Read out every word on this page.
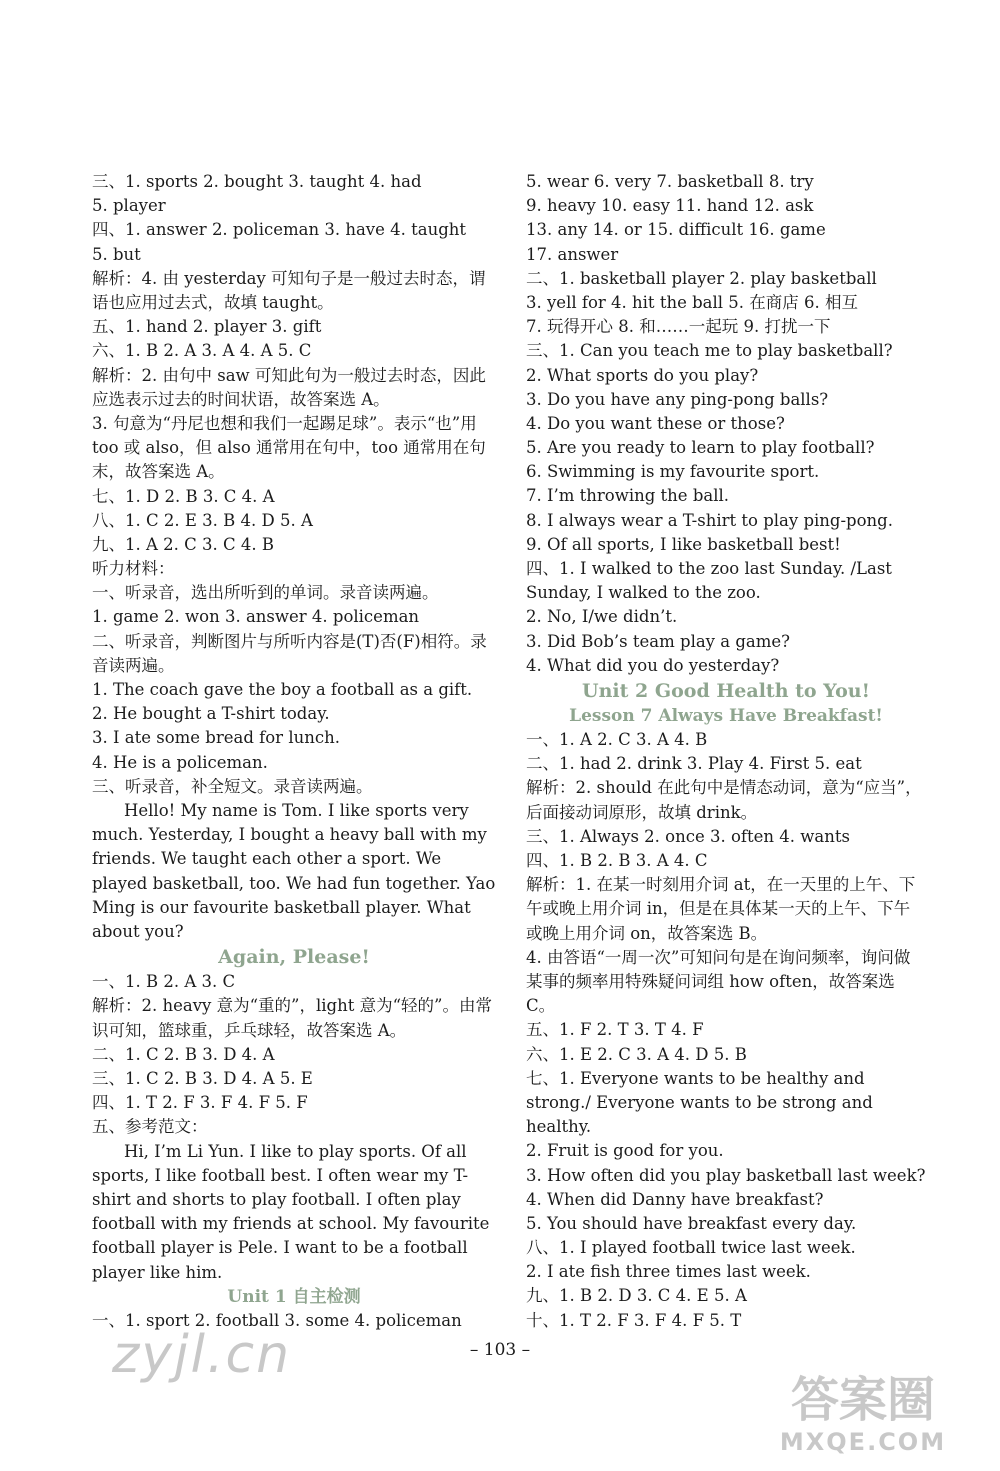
三、1. sports 2. bought 3. taught 4. had
5. player
四、1. answer 2. policeman 3. have 4. taught
5. but
解析：4. 由 yesterday 可知句子是一般过去时态，谓语也应用过去式，故填 taught。
五、1. hand 2. player 3. gift
六、1. B 2. A 3. A 4. A 5. C
解析：2. 由句中 saw 可知此句为一般过去时态，因此应选表示过去的时间状语，故答案选 A。
3. 句意为“丹尼也想和我们一起踢足球”。表示“也”用 too 或 also，但 also 通常用在句中，too 通常用在句末，故答案选 A。
七、1. D 2. B 3. C 4. A
八、1. C 2. E 3. B 4. D 5. A
九、1. A 2. C 3. C 4. B
听力材料：
一、听录音，选出所听到的单词。录音读两遍。
1. game 2. won 3. answer 4. policeman
二、听录音，判断图片与所听内容是(T)否(F)相符。录音读两遍。
1. The coach gave the boy a football as a gift.
2. He bought a T-shirt today.
3. I ate some bread for lunch.
4. He is a policeman.
三、听录音，补全短文。录音读两遍。
Hello! My name is Tom. I like sports very much. Yesterday, I bought a heavy ball with my friends. We taught each other a sport. We played basketball, too. We had fun together. Yao Ming is our favourite basketball player. What about you?
Again, Please!
一、1. B 2. A 3. C
解析：2. heavy 意为“重的”，light 意为“轻的”。由常识可知，篮球重，乒乓球轻，故答案选 A。
二、1. C 2. B 3. D 4. A
三、1. C 2. B 3. D 4. A 5. E
四、1. T 2. F 3. F 4. F 5. F
五、参考范文：
Hi, I’m Li Yun. I like to play sports. Of all sports, I like football best. I often wear my T-shirt and shorts to play football. I often play football with my friends at school. My favourite football player is Pele. I want to be a football player like him.
Unit 1 自主检测
一、1. sport 2. football 3. some 4. policeman
5. wear 6. very 7. basketball 8. try
9. heavy 10. easy 11. hand 12. ask
13. any 14. or 15. difficult 16. game
17. answer
二、1. basketball player 2. play basketball
3. yell for 4. hit the ball 5. 在商店 6. 相互
7. 玩得开心 8. 和……一起玩 9. 打扰一下
三、1. Can you teach me to play basketball?
2. What sports do you play?
3. Do you have any ping-pong balls?
4. Do you want these or those?
5. Are you ready to learn to play football?
6. Swimming is my favourite sport.
7. I’m throwing the ball.
8. I always wear a T-shirt to play ping-pong.
9. Of all sports, I like basketball best!
四、1. I walked to the zoo last Sunday. /Last Sunday, I walked to the zoo.
2. No, I/we didn’t.
3. Did Bob’s team play a game?
4. What did you do yesterday?
Unit 2 Good Health to You!
Lesson 7 Always Have Breakfast!
一、1. A 2. C 3. A 4. B
二、1. had 2. drink 3. Play 4. First 5. eat
解析：2. should 在此句中是情态动词，意为“应当”，后面接动词原形，故填 drink。
三、1. Always 2. once 3. often 4. wants
四、1. B 2. B 3. A 4. C
解析：1. 在某一时刻用介词 at，在一天里的上午、下午或晚上用介词 in，但是在具体某一天的上午、下午或晚上用介词 on，故答案选 B。
4. 由答语“一周一次”可知问句是在询问频率，询问做某事的频率用特殊疑问词组 how often，故答案选 C。
五、1. F 2. T 3. T 4. F
六、1. E 2. C 3. A 4. D 5. B
七、1. Everyone wants to be healthy and strong./ Everyone wants to be strong and healthy.
2. Fruit is good for you.
3. How often did you play basketball last week?
4. When did Danny have breakfast?
5. You should have breakfast every day.
八、1. I played football twice last week.
2. I ate fish three times last week.
九、1. B 2. D 3. C 4. E 5. A
十、1. T 2. F 3. F 4. F 5. T
– 103 –
zyjl.cn
答案圈
MXQE.COM
